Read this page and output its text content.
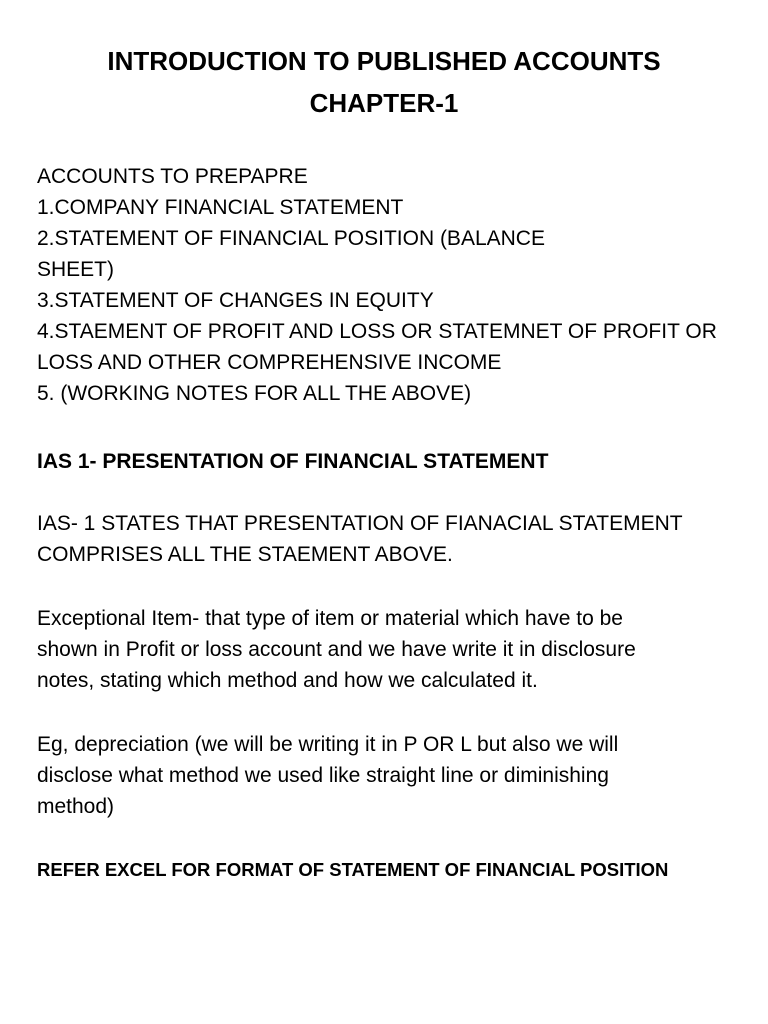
INTRODUCTION TO PUBLISHED ACCOUNTS
CHAPTER-1
ACCOUNTS TO PREPAPRE
1.COMPANY FINANCIAL STATEMENT
2.STATEMENT OF FINANCIAL POSITION (BALANCE
SHEET)
3.STATEMENT OF CHANGES IN EQUITY
4.STAEMENT OF PROFIT AND LOSS OR STATEMNET OF PROFIT OR
LOSS AND OTHER COMPREHENSIVE INCOME
5. (WORKING NOTES FOR ALL THE ABOVE)
IAS 1- PRESENTATION OF FINANCIAL STATEMENT
IAS- 1 STATES THAT PRESENTATION OF FIANACIAL STATEMENT
COMPRISES ALL THE STAEMENT ABOVE.
Exceptional Item- that type of item or material which have to be
shown in Profit or loss account and we have write it in disclosure
notes, stating which method and how we calculated it.
Eg, depreciation (we will be writing it in P OR L but also we will
disclose what method we used like straight line or diminishing
method)
REFER EXCEL FOR FORMAT OF STATEMENT OF FINANCIAL POSITION
